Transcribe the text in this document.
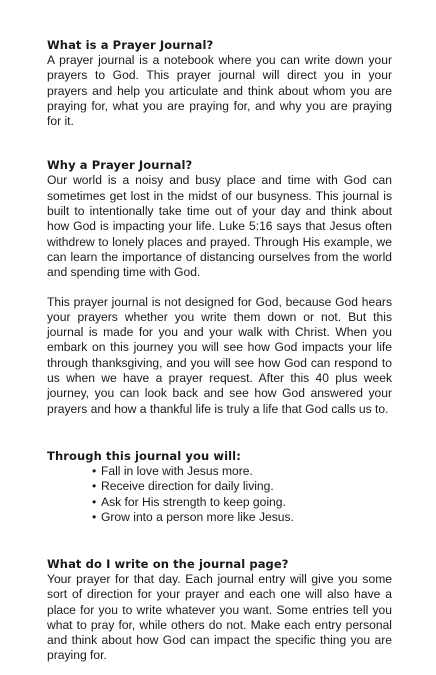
What is a Prayer Journal?

A prayer journal is a notebook where you can write down your prayers to God. This prayer journal will direct you in your prayers and help you articulate and think about whom you are praying for, what you are praying for, and why you are praying for it.

Why a Prayer Journal?

Our world is a noisy and busy place and time with God can sometimes get lost in the midst of our busyness. This journal is built to intentionally take time out of your day and think about how God is impacting your life. Luke 5:16 says that Jesus often withdrew to lonely places and prayed. Through His example, we can learn the importance of distancing ourselves from the world and spending time with God.

This prayer journal is not designed for God, because God hears your prayers whether you write them down or not. But this journal is made for you and your walk with Christ. When you embark on this journey you will see how God impacts your life through thanksgiving, and you will see how God can respond to us when we have a prayer request. After this 40 plus week journey, you can look back and see how God answered your prayers and how a thankful life is truly a life that God calls us to.

Through this journal you will:
• Fall in love with Jesus more.
• Receive direction for daily living.
• Ask for His strength to keep going.
• Grow into a person more like Jesus.
What do I write on the journal page?

Your prayer for that day. Each journal entry will give you some sort of direction for your prayer and each one will also have a place for you to write whatever you want. Some entries tell you what to pray for, while others do not. Make each entry personal and think about how God can impact the specific thing you are praying for.
